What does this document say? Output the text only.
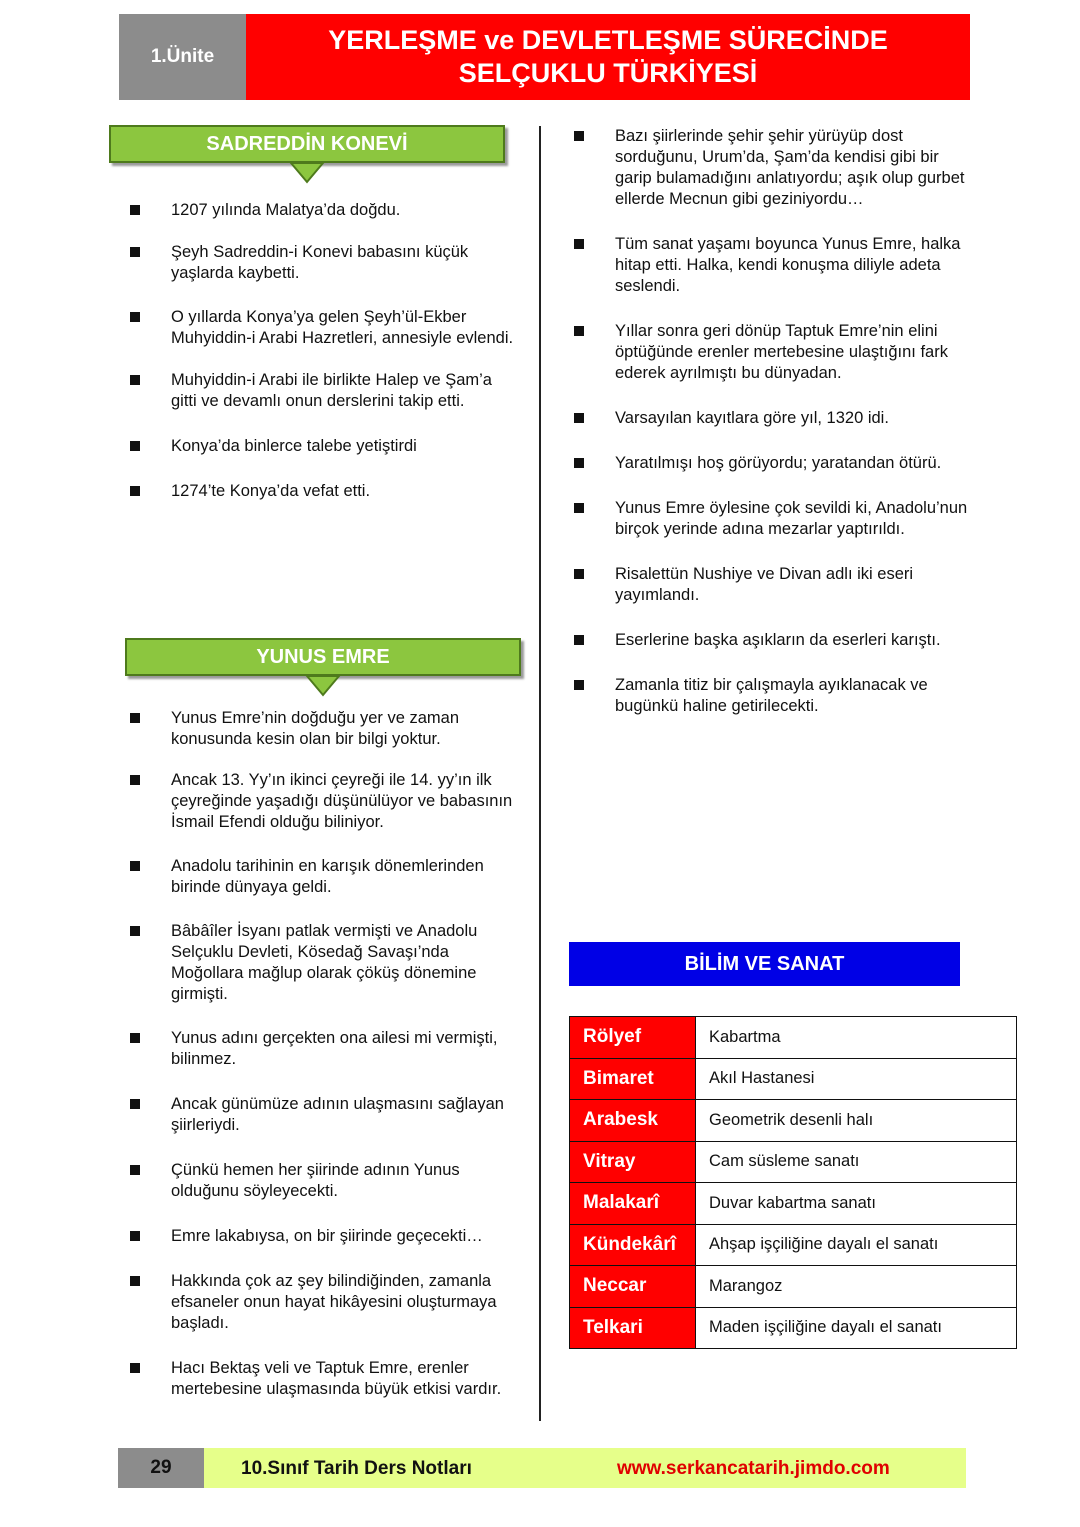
1.Ünite
YERLEŞME ve DEVLETLEŞME SÜRECİNDE
SELÇUKLU TÜRKİYESİ
SADREDDİN KONEVİ
1207 yılında Malatya’da doğdu.
Şeyh Sadreddin-i Konevi babasını küçük yaşlarda kaybetti.
O yıllarda Konya’ya gelen Şeyh’ül-Ekber Muhyiddin-i Arabi Hazretleri, annesiyle evlendi.
Muhyiddin-i Arabi ile birlikte Halep ve Şam’a gitti ve devamlı onun derslerini takip etti.
Konya’da binlerce talebe yetiştirdi
1274’te Konya’da vefat etti.
YUNUS EMRE
Yunus Emre’nin doğduğu yer ve zaman konusunda kesin olan bir bilgi yoktur.
Ancak 13. Yy’ın ikinci çeyreği ile 14. yy’ın ilk çeyreğinde yaşadığı düşünülüyor ve babasının İsmail Efendi olduğu biliniyor.
Anadolu tarihinin en karışık dönemlerinden birinde dünyaya geldi.
Bâbâîler İsyanı patlak vermişti ve Anadolu Selçuklu Devleti, Kösedağ Savaşı’nda Moğollara mağlup olarak çöküş dönemine girmişti.
Yunus adını gerçekten ona ailesi mi vermişti, bilinmez.
Ancak günümüze adının ulaşmasını sağlayan şiirleriydi.
Çünkü hemen her şiirinde adının Yunus olduğunu söyleyecekti.
Emre lakabıysa, on bir şiirinde geçecekti…
Hakkında çok az şey bilindiğinden, zamanla efsaneler onun hayat hikâyesini oluşturmaya başladı.
Hacı Bektaş veli ve Taptuk Emre, erenler mertebesine ulaşmasında büyük etkisi vardır.
Bazı şiirlerinde şehir şehir yürüyüp dost sorduğunu, Urum’da, Şam’da kendisi gibi bir garip bulamadığını anlatıyordu; aşık olup gurbet ellerde Mecnun gibi geziniyordu…
Tüm sanat yaşamı boyunca Yunus Emre, halka hitap etti. Halka, kendi konuşma diliyle adeta seslendi.
Yıllar sonra geri dönüp Taptuk Emre’nin elini öptüğünde erenler mertebesine ulaştığını fark ederek ayrılmıştı bu dünyadan.
Varsayılan kayıtlara göre yıl, 1320 idi.
Yaratılmışı hoş görüyordu; yaratandan ötürü.
Yunus Emre öylesine çok sevildi ki, Anadolu’nun birçok yerinde adına mezarlar yaptırıldı.
Risalettün Nushiye ve Divan adlı iki eseri yayımlandı.
Eserlerine başka aşıkların da eserleri karıştı.
Zamanla titiz bir çalışmayla ayıklanacak ve bugünkü haline getirilecekti.
BİLİM VE SANAT
Rölyef	Kabartma
Bimaret	Akıl Hastanesi
Arabesk	Geometrik desenli halı
Vitray	Cam süsleme sanatı
Malakarî	Duvar kabartma sanatı
Kündekârî	Ahşap işçiliğine dayalı el sanatı
Neccar	Marangoz
Telkari	Maden işçiliğine dayalı el sanatı
29	10.Sınıf Tarih Ders Notları	www.serkancatarih.jimdo.com
